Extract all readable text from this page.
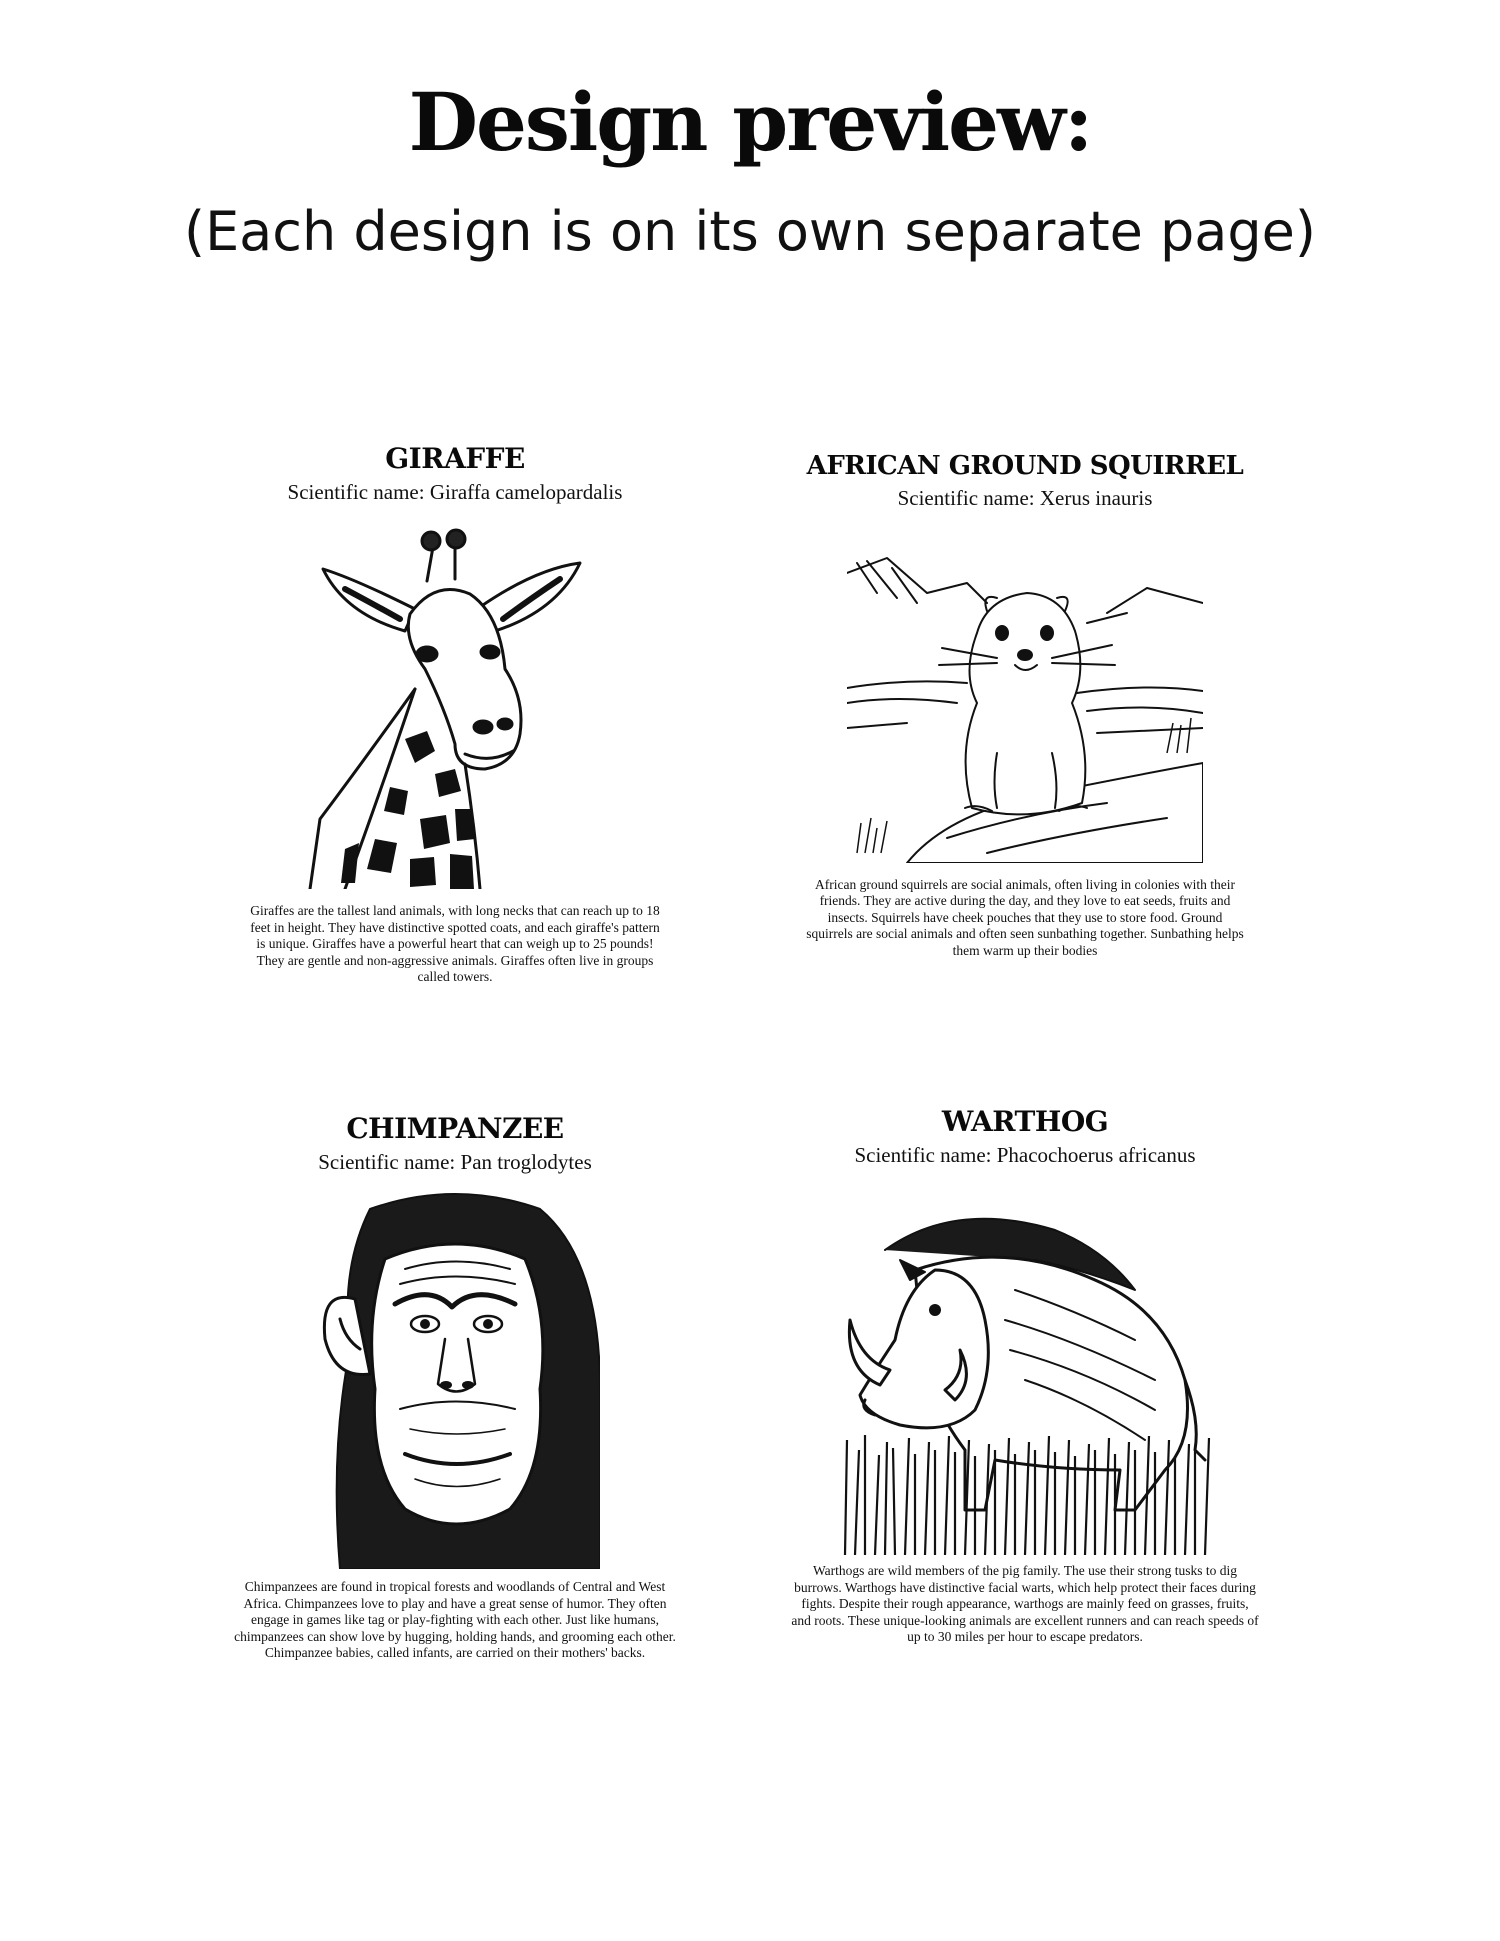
Design preview:
(Each design is on its own separate page)
GIRAFFE

Scientific name: Giraffa camelopardalis

Giraffes are the tallest land animals, with long necks that can reach up to 18 feet in height. They have distinctive spotted coats, and each giraffe's pattern is unique. Giraffes have a powerful heart that can weigh up to 25 pounds! They are gentle and non-aggressive animals. Giraffes often live in groups called towers.

AFRICAN GROUND SQUIRREL

Scientific name: Xerus inauris

African ground squirrels are social animals, often living in colonies with their friends. They are active during the day, and they love to eat seeds, fruits and insects. Squirrels have cheek pouches that they use to store food. Ground squirrels are social animals and often seen sunbathing together. Sunbathing helps them warm up their bodies

CHIMPANZEE

Scientific name: Pan troglodytes

Chimpanzees are found in tropical forests and woodlands of Central and West Africa. Chimpanzees love to play and have a great sense of humor. They often engage in games like tag or play-fighting with each other. Just like humans, chimpanzees can show love by hugging, holding hands, and grooming each other. Chimpanzee babies, called infants, are carried on their mothers' backs.

WARTHOG

Scientific name: Phacochoerus africanus

Warthogs are wild members of the pig family. The use their strong tusks to dig burrows. Warthogs have distinctive facial warts, which help protect their faces during fights. Despite their rough appearance, warthogs are mainly feed on grasses, fruits, and roots. These unique-looking animals are excellent runners and can reach speeds of up to 30 miles per hour to escape predators.
